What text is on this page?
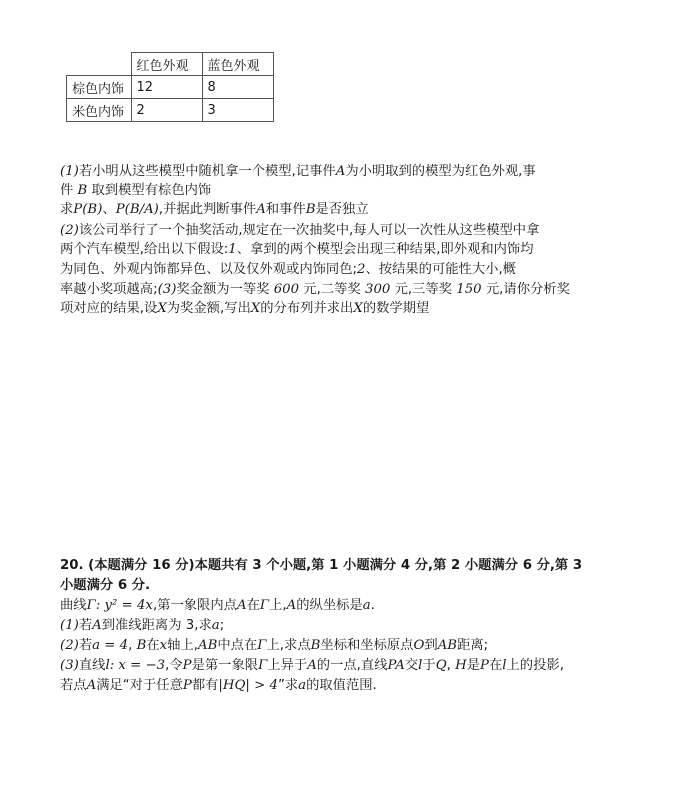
	红色外观	蓝色外观
棕色内饰	12	8
米色内饰	2	3
(1)若小明从这些模型中随机拿一个模型,记事件A为小明取到的模型为红色外观,事
件 B 取到模型有棕色内饰
求P(B)、P(B/A),并据此判断事件A和事件B是否独立
(2)该公司举行了一个抽奖活动,规定在一次抽奖中,每人可以一次性从这些模型中拿
两个汽车模型,给出以下假设:1、拿到的两个模型会出现三种结果,即外观和内饰均
为同色、外观内饰都异色、以及仅外观或内饰同色;2、按结果的可能性大小,概
率越小奖项越高;(3)奖金额为一等奖 600 元,二等奖 300 元,三等奖 150 元,请你分析奖
项对应的结果,设X为奖金额,写出X的分布列并求出X的数学期望
20. (本题满分 16 分)本题共有 3 个小题,第 1 小题满分 4 分,第 2 小题满分 6 分,第 3
小题满分 6 分.
曲线Γ: y² = 4x,第一象限内点A在Γ上,A的纵坐标是a.
(1)若A到准线距离为 3,求a;
(2)若a = 4, B在x轴上,AB中点在Γ上,求点B坐标和坐标原点O到AB距离;
(3)直线l: x = −3,令P是第一象限Γ上异于A的一点,直线PA交l于Q, H是P在l上的投影,
若点A满足“对于任意P都有|HQ| > 4”求a的取值范围.
